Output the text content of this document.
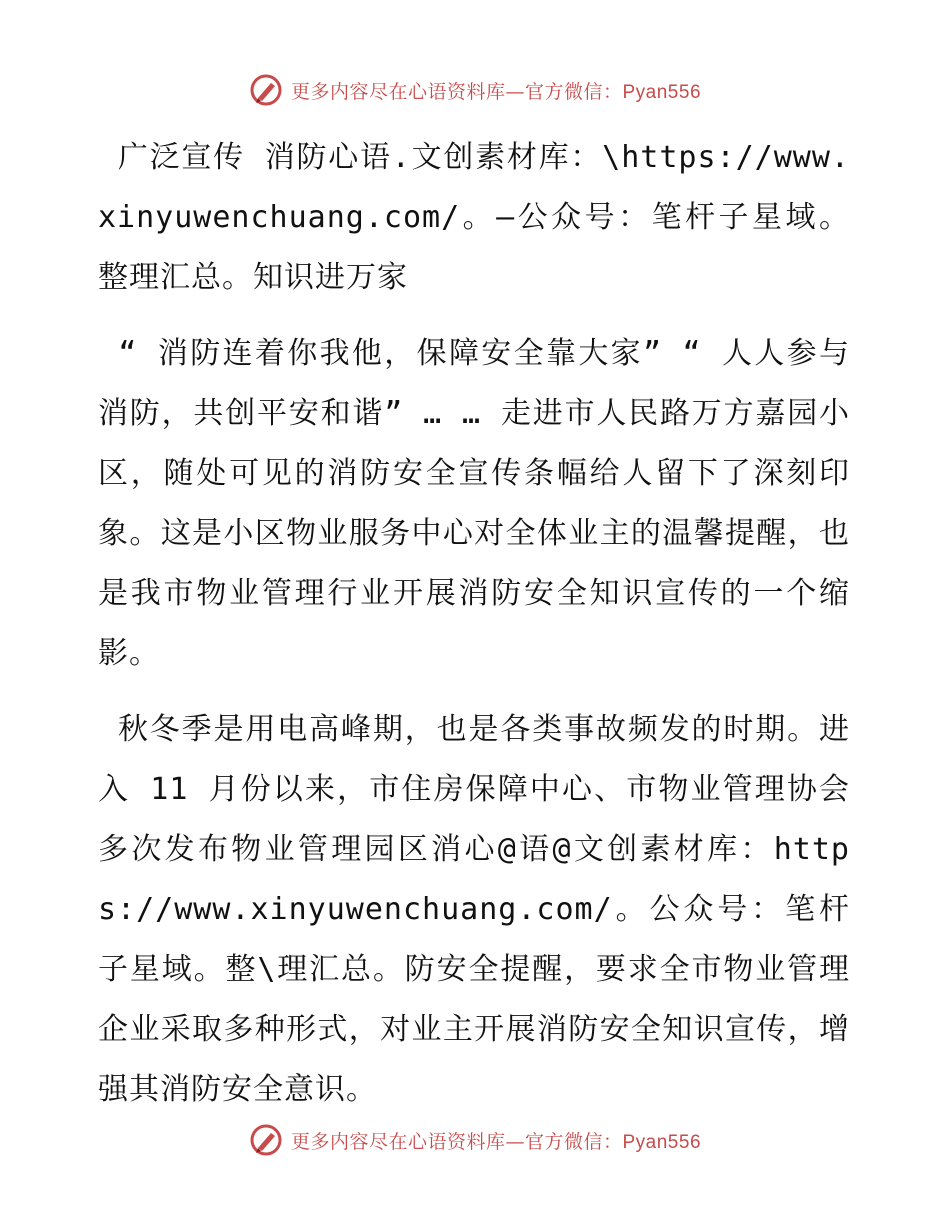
更多内容尽在心语资料库—官方微信：Pyan556

广泛宣传 消防心语.文创素材库：\https://www.xinyuwenchuang.com/。—公众号：笔杆子星域。整理汇总。知识进万家

“ 消防连着你我他，保障安全靠大家” “ 人人参与消防，共创平安和谐” … … 走进市人民路万方嘉园小区，随处可见的消防安全宣传条幅给人留下了深刻印象。这是小区物业服务中心对全体业主的温馨提醒，也是我市物业管理行业开展消防安全知识宣传的一个缩影。

秋冬季是用电高峰期，也是各类事故频发的时期。进入 11 月份以来，市住房保障中心、市物业管理协会多次发布物业管理园区消心@语@文创素材库：https://www.xinyuwenchuang.com/。公众号：笔杆子星域。整\理汇总。防安全提醒，要求全市物业管理企业采取多种形式，对业主开展消防安全知识宣传，增强其消防安全意识。

更多内容尽在心语资料库—官方微信：Pyan556
